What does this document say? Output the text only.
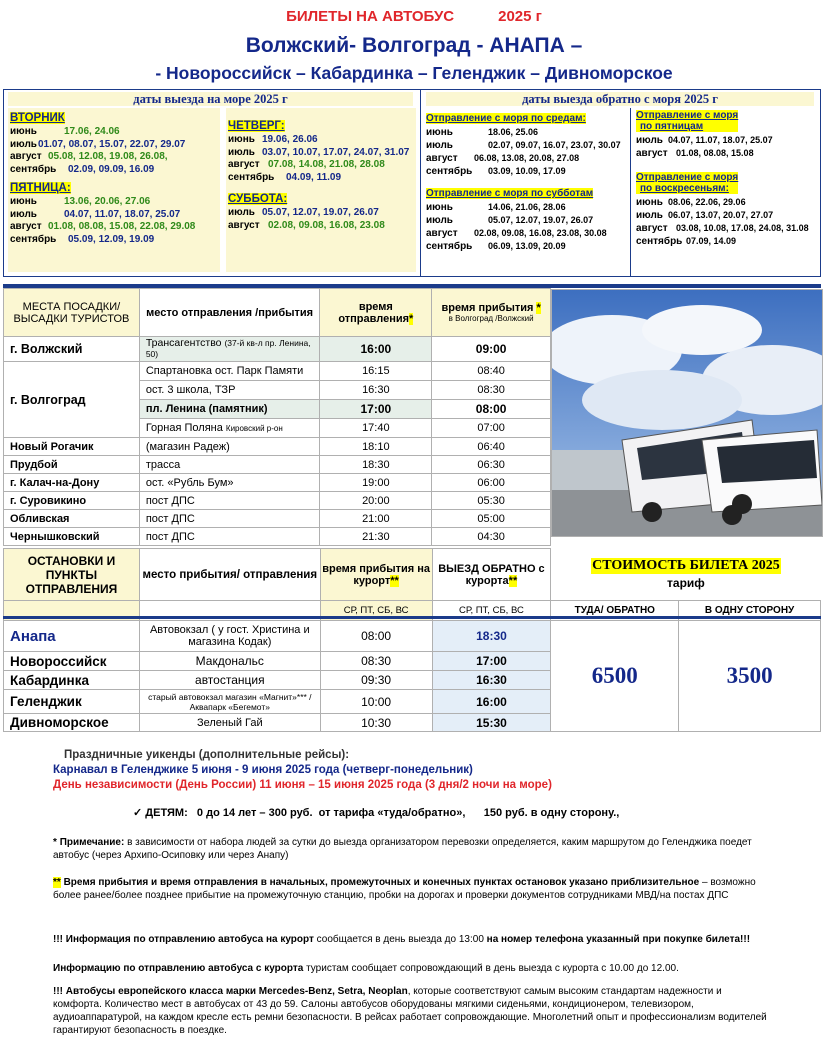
БИЛЕТЫ НА АВТОБУС	2025 г
Волжский- Волгоград - АНАПА –
- Новороссийск – Кабардинка – Геленджик – Дивноморское
даты выезда на море 2025 г	даты выезда обратно с моря 2025 г
ВТОРНИК
июнь	17.06, 24.06
июль01.07, 08.07, 15.07, 22.07, 29.07
август 05.08, 12.08, 19.08, 26.08,
сентябрь 02.09, 09.09, 16.09
ПЯТНИЦА:
июнь	13.06, 20.06, 27.06
июль	04.07, 11.07, 18.07, 25.07
август 01.08, 08.08, 15.08, 22.08, 29.08
сентябрь 05.09, 12.09, 19.09
ЧЕТВЕРГ:
июнь 19.06, 26.06
июль 03.07, 10.07, 17.07, 24.07, 31.07
август 07.08, 14.08, 21.08, 28.08
сентябрь 04.09, 11.09
СУББОТА:
июль 05.07, 12.07, 19.07, 26.07
август 02.08, 09.08, 16.08, 23.08
Отправление с моря по средам:
июнь	18.06, 25.06
июль	02.07, 09.07, 16.07, 23.07, 30.07
август 06.08, 13.08, 20.08, 27.08
сентябрь 03.09, 10.09, 17.09
Отправление с моря по субботам
июнь	14.06, 21.06, 28.06
июль	05.07, 12.07, 19.07, 26.07
август 02.08, 09.08, 16.08, 23.08, 30.08
сентябрь 06.09, 13.09, 20.09
Отправление с моря
по пятницам
июль 04.07, 11.07, 18.07, 25.07
август 01.08, 08.08, 15.08
Отправление с моря
по воскресеньям:
июнь 08.06, 22.06, 29.06
июль 06.07, 13.07, 20.07, 27.07
август 03.08, 10.08, 17.08, 24.08, 31.08
сентябрь 07.09, 14.09
МЕСТА ПОСАДКИ/ ВЫСАДКИ ТУРИСТОВ	место отправления /прибытия	время отправления*	время прибытия *
в Волгоград /Волжский

г. Волжский	Трансагентство (37-й кв-л пр. Ленина, 50)	16:00	09:00
г. Волгоград	Спартановка ост. Парк Памяти	16:15	08:40
	ост. 3 школа, ТЗР	16:30	08:30
	пл. Ленина (памятник)	17:00	08:00
	Горная Поляна Кировский р-он	17:40	07:00
Новый Рогачик	(магазин Радеж)	18:10	06:40
Прудбой	трасса	18:30	06:30
г. Калач-на-Дону	ост. «Рубль Бум»	19:00	06:00
г. Суровикино	пост ДПС	20:00	05:30
Обливская	пост ДПС	21:00	05:00
Чернышковский	пост ДПС	21:30	04:30
ОСТАНОВКИ И ПУНКТЫ ОТПРАВЛЕНИЯ	место прибытия/ отправления	время прибытия на курорт**	ВЫЕЗД ОБРАТНО с курорта**	СТОИМОСТЬ БИЛЕТА 2025
тариф	

		СР, ПТ, СБ, ВС	СР, ПТ, СБ, ВС	ТУДА/ ОБРАТНО	В ОДНУ СТОРОНУ
Анапа	Автовокзал ( у гост. Христина и магазина Кодак)	08:00	18:30	6500	3500
Новороссийск	Макдональс	08:30	17:00		
Кабардинка	автостанция	09:30	16:30		
Геленджик	старый автовокзал магазин «Магнит»*** /Аквапарк «Бегемот»	10:00	16:00		
Дивноморское	Зеленый Гай	10:30	15:30		
Праздничные уикенды (дополнительные рейсы):
Карнавал в Геленджике 5 июня - 9 июня 2025 года (четверг-понедельник)
День независимости (День России) 11 июня – 15 июня 2025 года (3 дня/2 ночи на море)
✓ ДЕТЯМ:   0 до 14 лет – 300 руб.  от тарифа «туда/обратно»,      150 руб. в одну сторону.,
* Примечание: в зависимости от набора людей за сутки до выезда организатором перевозки определяется, каким маршрутом до Геленджика поедет автобус (через Архипо-Осиповку или через Анапу)
** Время прибытия и время отправления в начальных, промежуточных и конечных пунктах остановок указано приблизительное – возможно более ранее/более позднее прибытие на промежуточную станцию, пробки на дорогах и проверки документов сотрудниками МВД/на постах ДПС
!!! Информация по отправлению автобуса на курорт сообщается в день выезда до 13:00 на номер телефона указанный при покупке билета!!!
Информацию по отправлению автобуса с курорта туристам сообщает сопровождающий в день выезда с курорта с 10.00 до 12.00.
!!! Автобусы европейского класса марки Mercedes-Benz, Setra, Neoplan, которые соответствуют самым высоким стандартам надежности и комфорта. Количество мест в автобусах от 43 до 59. Салоны автобусов оборудованы мягкими сиденьями, кондиционером, телевизором, аудиоаппаратурой, на каждом кресле есть ремни безопасности. В рейсах работает сопровождающие. Многолетний опыт и профессионализм водителей гарантируют безопасность в поездке.
